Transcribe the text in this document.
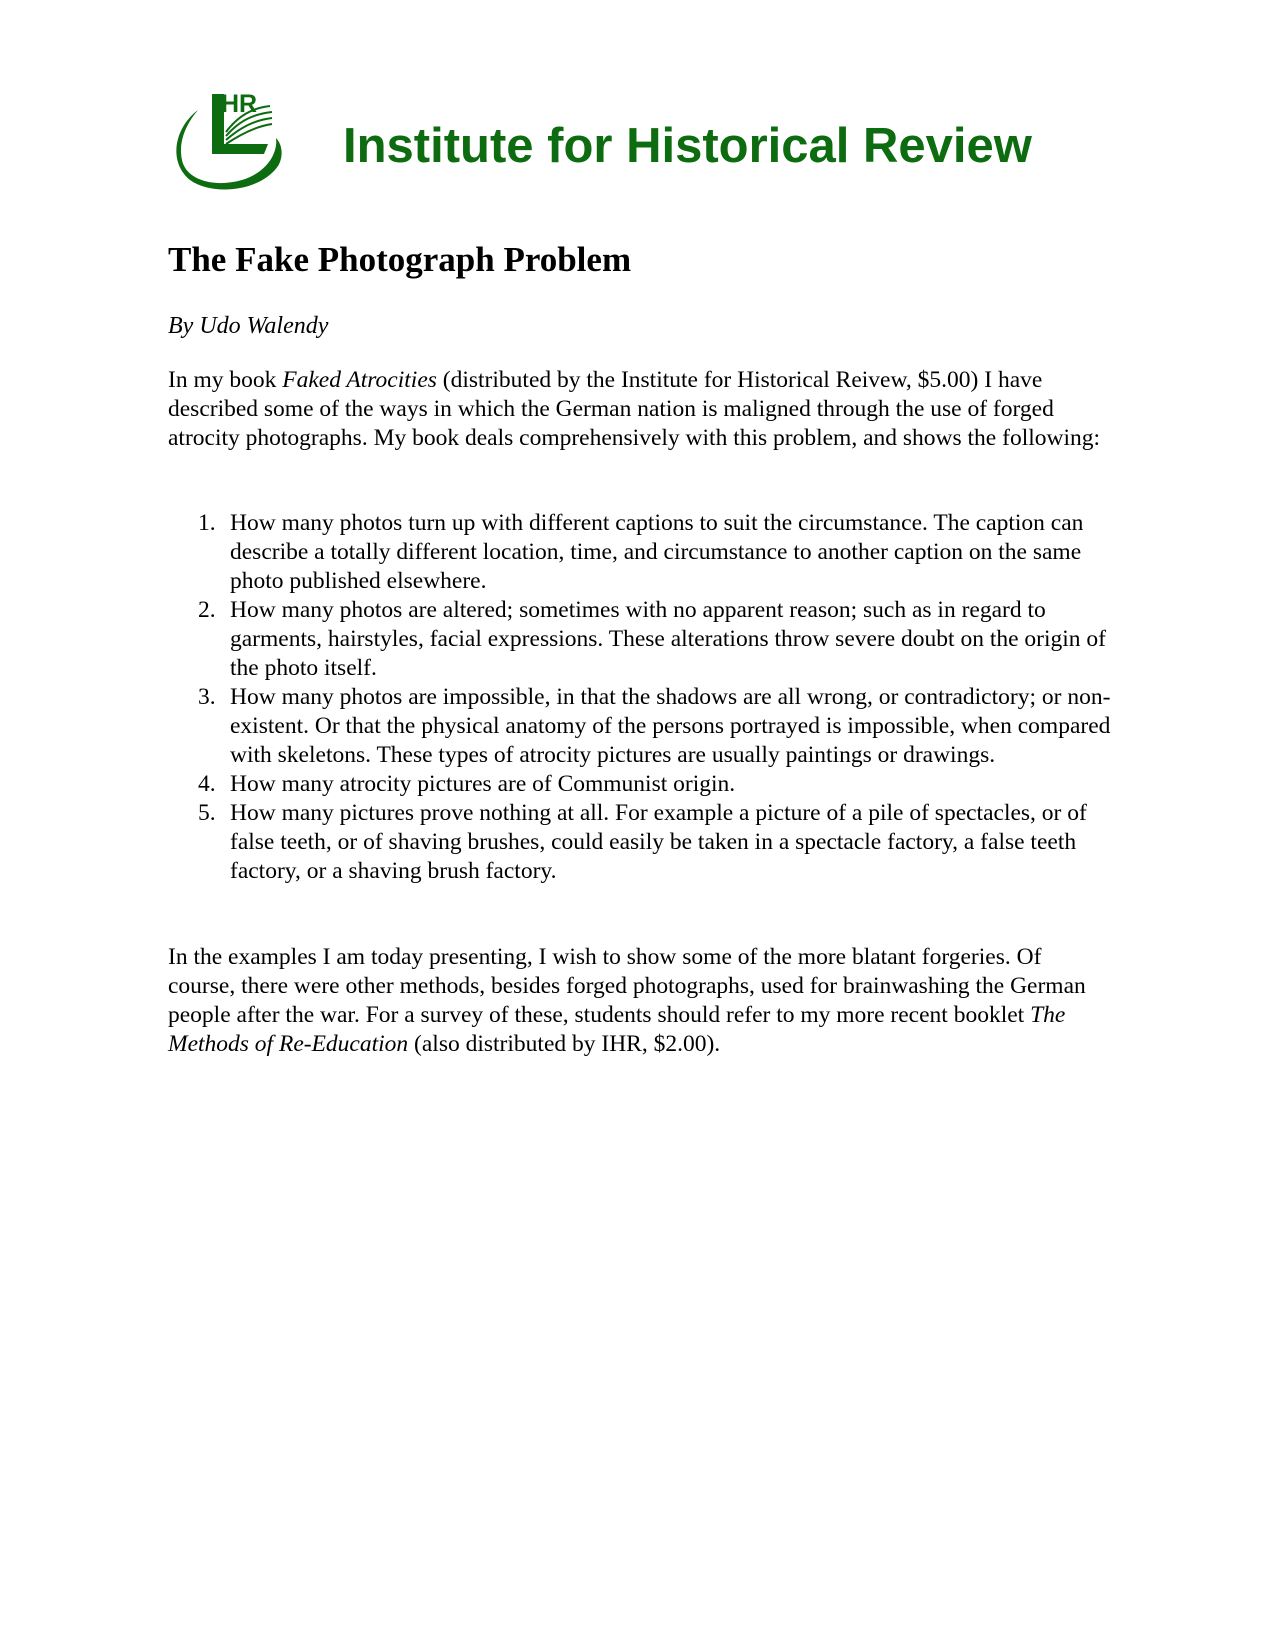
IHR
Institute for Historical Review
The Fake Photograph Problem

By Udo Walendy

In my book Faked Atrocities (distributed by the Institute for Historical Reivew, $5.00) I have described some of the ways in which the German nation is maligned through the use of forged atrocity photographs. My book deals comprehensively with this problem, and shows the following:

1. How many photos turn up with different captions to suit the circumstance. The caption can describe a totally different location, time, and circumstance to another caption on the same photo published elsewhere.
2. How many photos are altered; sometimes with no apparent reason; such as in regard to garments, hairstyles, facial expressions. These alterations throw severe doubt on the origin of the photo itself.
3. How many photos are impossible, in that the shadows are all wrong, or contradictory; or non-existent. Or that the physical anatomy of the persons portrayed is impossible, when compared with skeletons. These types of atrocity pictures are usually paintings or drawings.
4. How many atrocity pictures are of Communist origin.
5. How many pictures prove nothing at all. For example a picture of a pile of spectacles, or of false teeth, or of shaving brushes, could easily be taken in a spectacle factory, a false teeth factory, or a shaving brush factory.

In the examples I am today presenting, I wish to show some of the more blatant forgeries. Of course, there were other methods, besides forged photographs, used for brainwashing the German people after the war. For a survey of these, students should refer to my more recent booklet The Methods of Re-Education (also distributed by IHR, $2.00).
